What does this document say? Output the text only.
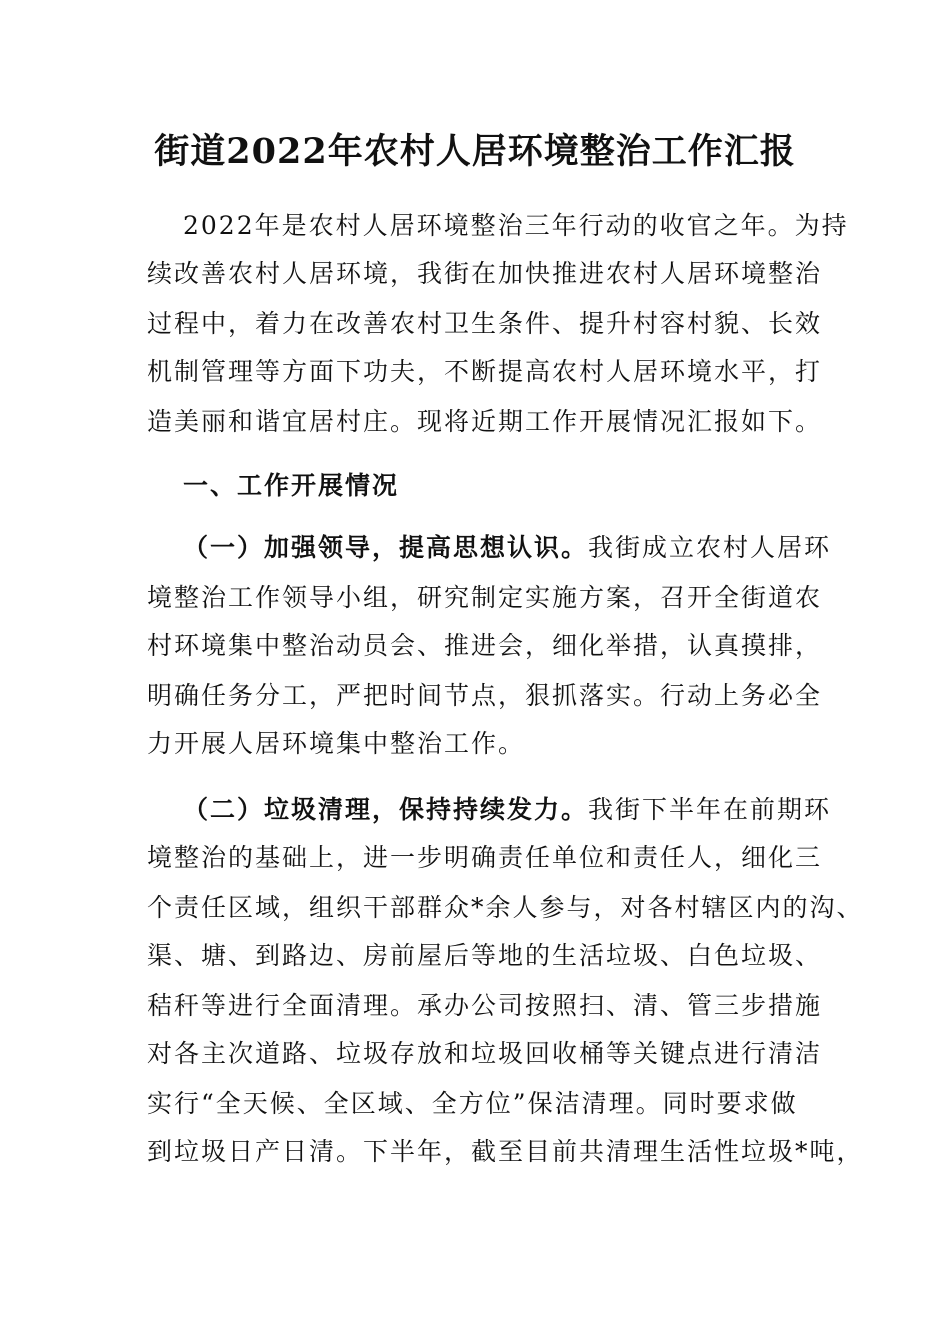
街道2022年农村人居环境整治工作汇报

2022年是农村人居环境整治三年行动的收官之年。为持

续改善农村人居环境，我街在加快推进农村人居环境整治

过程中，着力在改善农村卫生条件、提升村容村貌、长效

机制管理等方面下功夫，不断提高农村人居环境水平，打

造美丽和谐宜居村庄。现将近期工作开展情况汇报如下。

一、工作开展情况

（一）加强领导，提高思想认识。我街成立农村人居环

境整治工作领导小组，研究制定实施方案，召开全街道农

村环境集中整治动员会、推进会，细化举措，认真摸排，

明确任务分工，严把时间节点，狠抓落实。行动上务必全

力开展人居环境集中整治工作。

（二）垃圾清理，保持持续发力。我街下半年在前期环

境整治的基础上，进一步明确责任单位和责任人，细化三

个责任区域，组织干部群众*余人参与，对各村辖区内的沟、

渠、塘、到路边、房前屋后等地的生活垃圾、白色垃圾、

秸秆等进行全面清理。承办公司按照扫、清、管三步措施

对各主次道路、垃圾存放和垃圾回收桶等关键点进行清洁

实行“全天候、全区域、全方位”保洁清理。同时要求做

到垃圾日产日清。下半年，截至目前共清理生活性垃圾*吨，
